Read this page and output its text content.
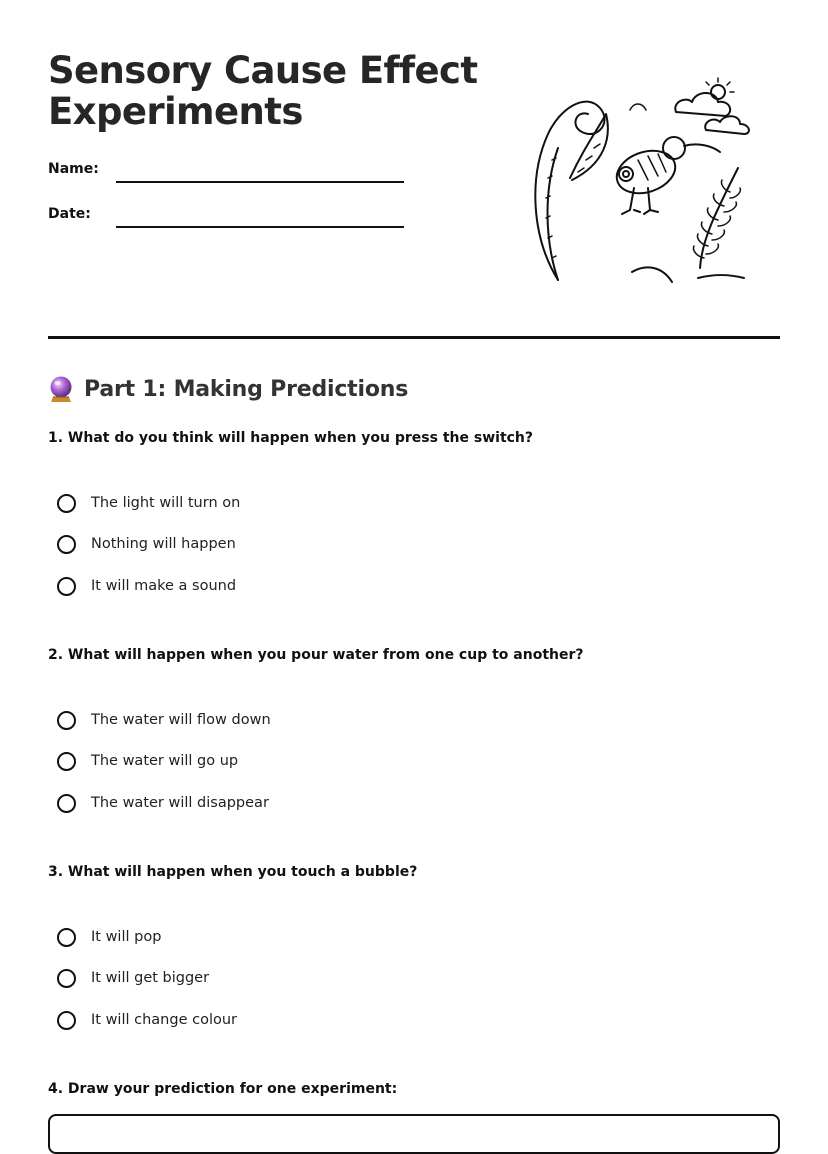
Sensory Cause Effect
Experiments
Name:
Date:
Part 1: Making Predictions
1. What do you think will happen when you press the switch?
The light will turn on
Nothing will happen
It will make a sound
2. What will happen when you pour water from one cup to another?
The water will flow down
The water will go up
The water will disappear
3. What will happen when you touch a bubble?
It will pop
It will get bigger
It will change colour
4. Draw your prediction for one experiment:
